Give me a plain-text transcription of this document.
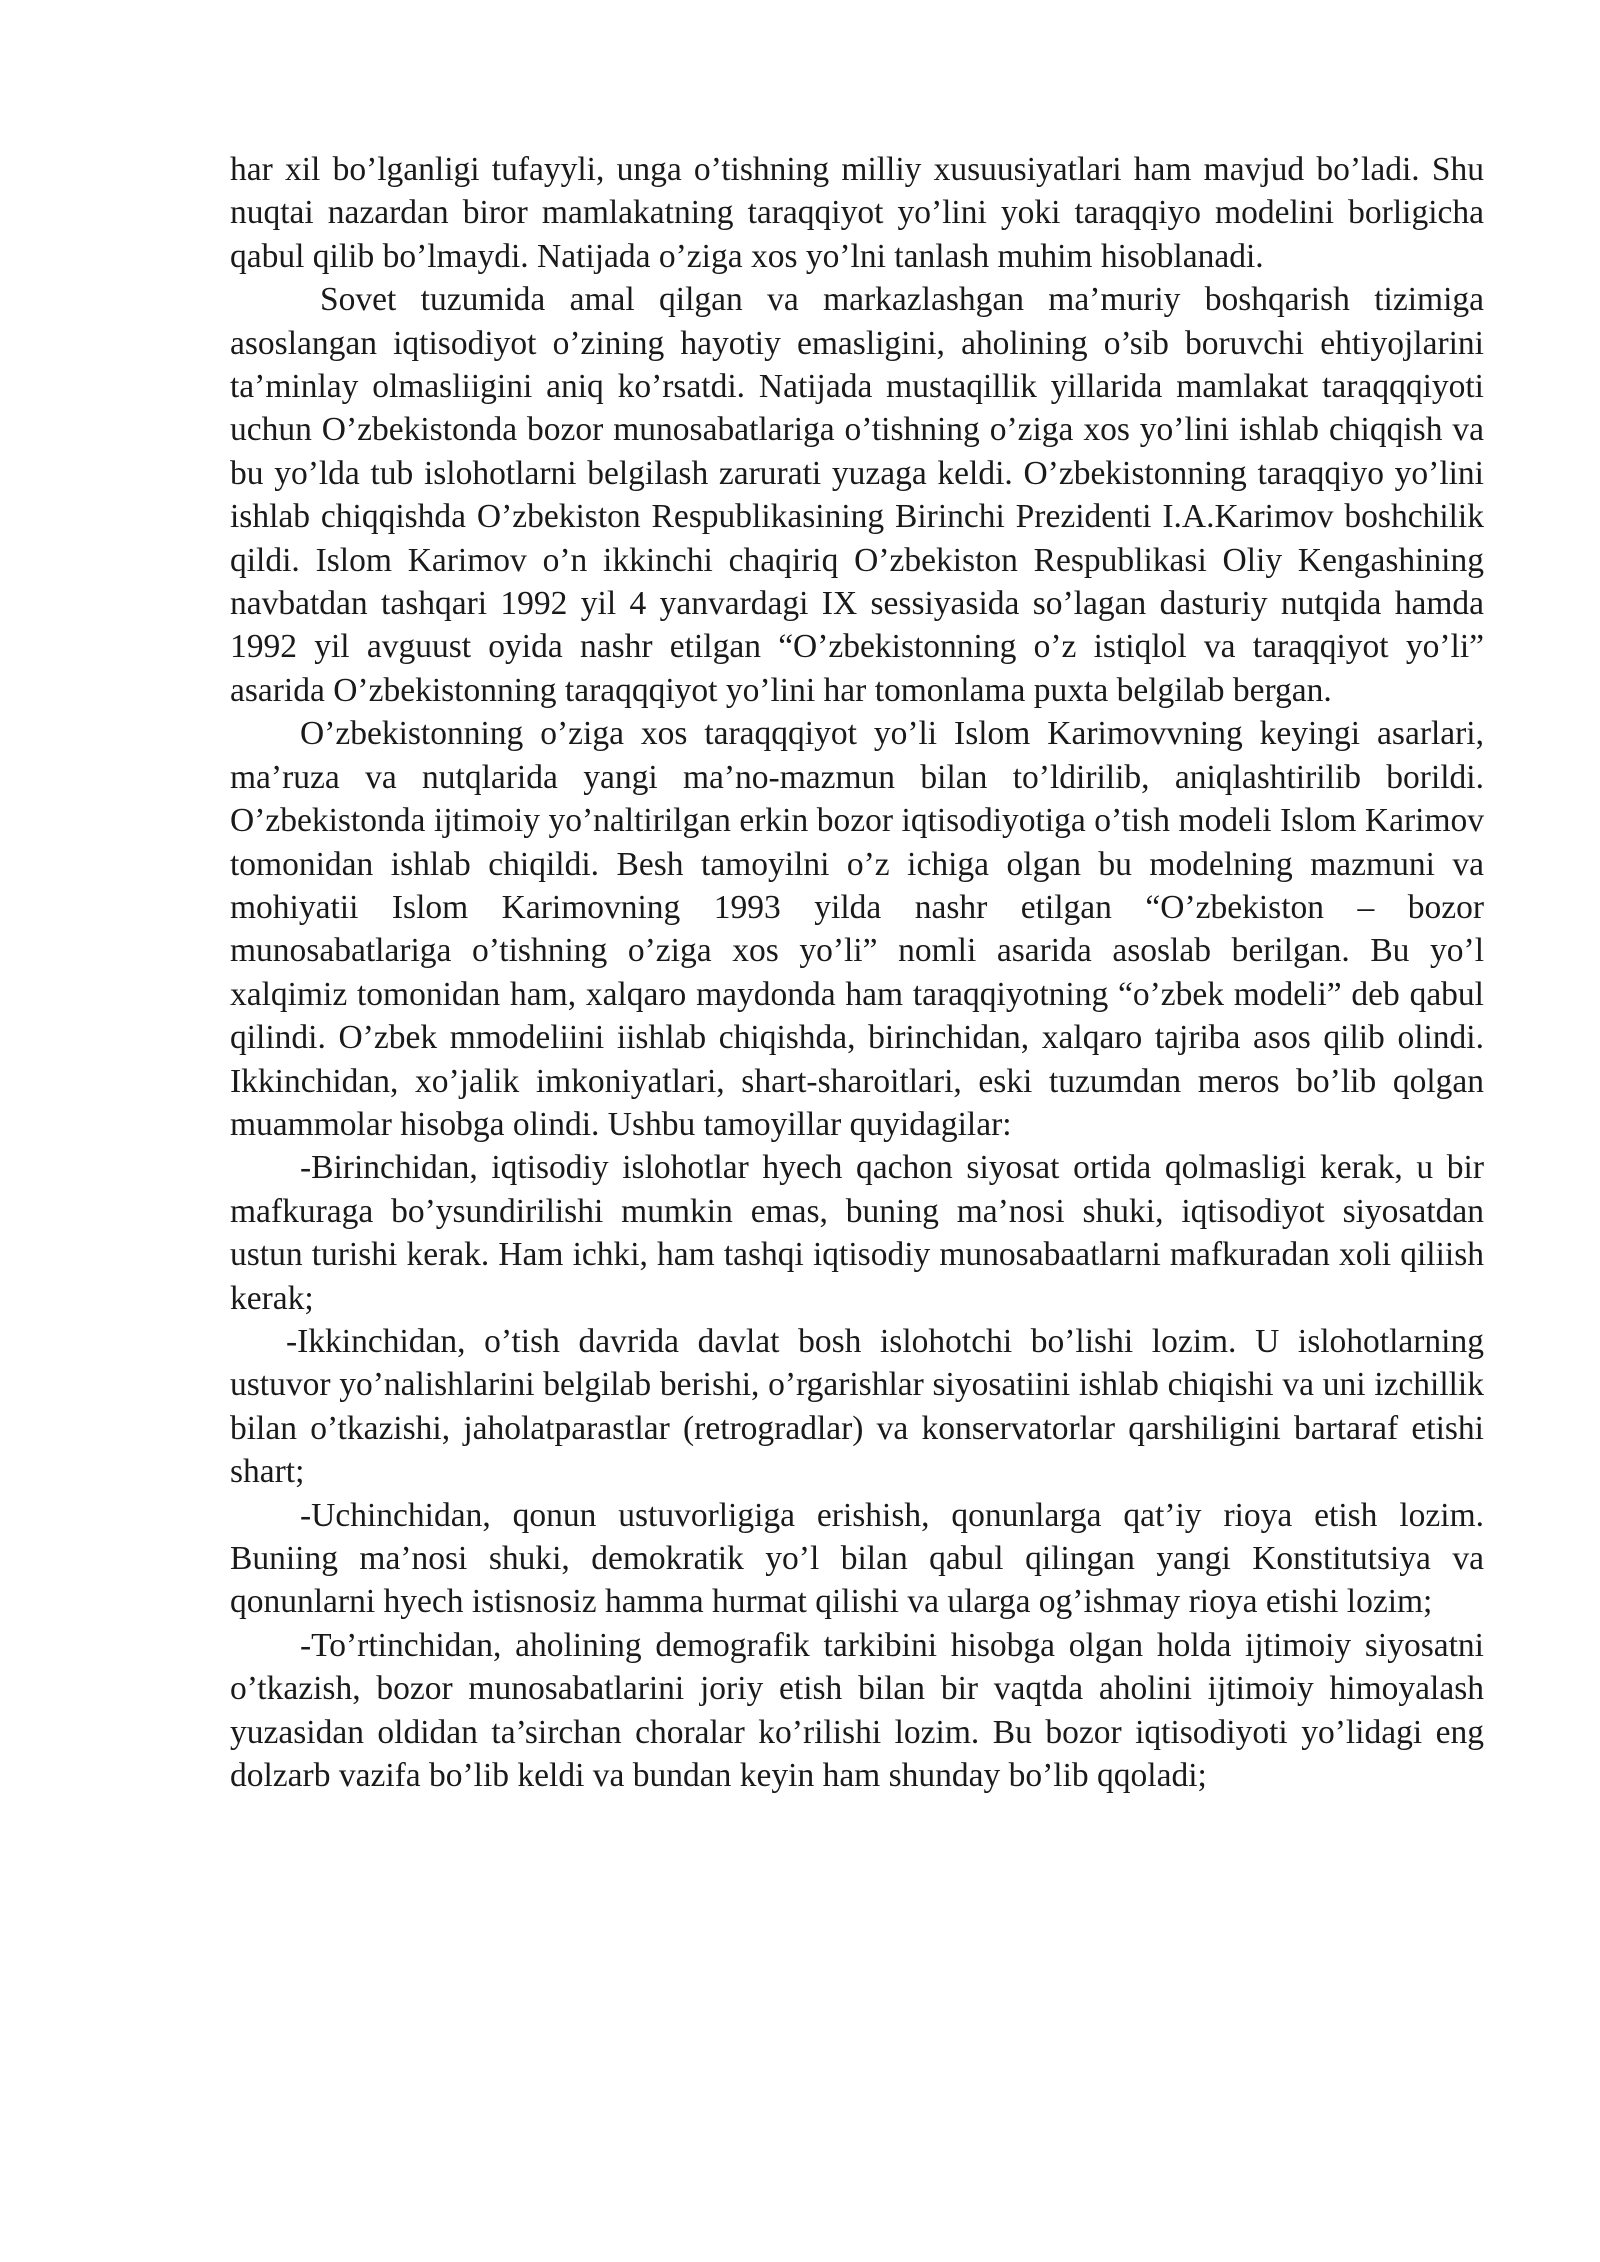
har xil bo’lganligi tufayyli, unga o’tishning milliy xusuusiyatlari ham mavjud bo’ladi. Shu nuqtai nazardan biror mamlakatning taraqqiyot yo’lini yoki taraqqiyo modelini borligicha qabul qilib bo’lmaydi. Natijada o’ziga xos yo’lni tanlash muhim hisoblanadi.

Sovet tuzumida amal qilgan va markazlashgan ma’muriy boshqarish tizimiga asoslangan iqtisodiyot o’zining hayotiy emasligini, aholining o’sib boruvchi ehtiyojlarini ta’minlay olmasliigini aniq ko’rsatdi. Natijada mustaqillik yillarida mamlakat taraqqqiyoti uchun O’zbekistonda bozor munosabatlariga o’tishning o’ziga xos yo’lini ishlab chiqqish va bu yo’lda tub islohotlarni belgilash zarurati yuzaga keldi. O’zbekistonning taraqqiyo yo’lini ishlab chiqqishda O’zbekiston Respublikasining Birinchi Prezidenti I.A.Karimov boshchilik qildi. Islom Karimov o’n ikkinchi chaqiriq O’zbekiston Respublikasi Oliy Kengashining navbatdan tashqari 1992 yil 4 yanvardagi IX sessiyasida so’lagan dasturiy nutqida hamda 1992 yil avguust oyida nashr etilgan “O’zbekistonning o’z istiqlol va taraqqiyot yo’li” asarida O’zbekistonning taraqqqiyot yo’lini har tomonlama puxta belgilab bergan.

O’zbekistonning o’ziga xos taraqqqiyot yo’li Islom Karimovvning keyingi asarlari, ma’ruza va nutqlarida yangi ma’no-mazmun bilan to’ldirilib, aniqlashtirilib borildi. O’zbekistonda ijtimoiy yo’naltirilgan erkin bozor iqtisodiyotiga o’tish modeli Islom Karimov tomonidan ishlab chiqildi. Besh tamoyilni o’z ichiga olgan bu modelning mazmuni va mohiyatii Islom Karimovning 1993 yilda nashr etilgan “O’zbekiston – bozor munosabatlariga o’tishning o’ziga xos yo’li” nomli asarida asoslab berilgan. Bu yo’l xalqimiz tomonidan ham, xalqaro maydonda ham taraqqiyotning “o’zbek modeli” deb qabul qilindi. O’zbek mmodeliini iishlab chiqishda, birinchidan, xalqaro tajriba asos qilib olindi. Ikkinchidan, xo’jalik imkoniyatlari, shart-sharoitlari, eski tuzumdan meros bo’lib qolgan muammolar hisobga olindi. Ushbu tamoyillar quyidagilar:

-Birinchidan, iqtisodiy islohotlar hyech qachon siyosat ortida qolmasligi kerak, u bir mafkuraga bo’ysundirilishi mumkin emas, buning ma’nosi shuki, iqtisodiyot siyosatdan ustun turishi kerak. Ham ichki, ham tashqi iqtisodiy munosabaatlarni mafkuradan xoli qiliish kerak;

-Ikkinchidan, o’tish davrida davlat bosh islohotchi bo’lishi lozim. U islohotlarning ustuvor yo’nalishlarini belgilab berishi, o’rgarishlar siyosatiini ishlab chiqishi va uni izchillik bilan o’tkazishi, jaholatparastlar (retrogradlar) va konservatorlar qarshiligini bartaraf etishi shart;

-Uchinchidan, qonun ustuvorligiga erishish, qonunlarga qat’iy rioya etish lozim. Buniing ma’nosi shuki, demokratik yo’l bilan qabul qilingan yangi Konstitutsiya va qonunlarni hyech istisnosiz hamma hurmat qilishi va ularga og’ishmay rioya etishi lozim;

-To’rtinchidan, aholining demografik tarkibini hisobga olgan holda ijtimoiy siyosatni o’tkazish, bozor munosabatlarini joriy etish bilan bir vaqtda aholini ijtimoiy himoyalash yuzasidan oldidan ta’sirchan choralar ko’rilishi lozim. Bu bozor iqtisodiyoti yo’lidagi eng dolzarb vazifa bo’lib keldi va bundan keyin ham shunday bo’lib qqoladi;
